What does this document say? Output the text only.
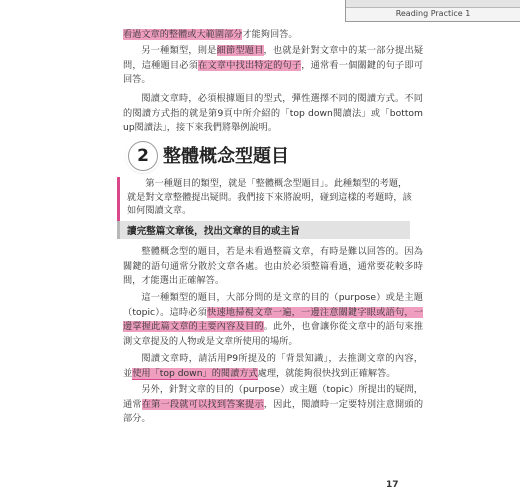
Reading Practice 1

看過文章的整體或大範圍部分才能夠回答。

另一種類型，則是細節型題目，也就是針對文章中的某一部分提出疑問，這種題目必須在文章中找出特定的句子，通常看一個關鍵的句子即可回答。

閱讀文章時，必須根據題目的型式，彈性選擇不同的閱讀方式。不同的閱讀方式指的就是第9頁中所介紹的「top down閱讀法」或「bottom up閱讀法」，接下來我們將舉例說明。

2 整體概念型題目

第一種題目的類型，就是「整體概念型題目」。此種類型的考題，就是對文章整體提出疑問。我們接下來將說明，碰到這樣的考題時，該如何閱讀文章。

讀完整篇文章後，找出文章的目的或主旨

整體概念型的題目，若是未看過整篇文章，有時是難以回答的。因為關鍵的語句通常分散於文章各處。也由於必須整篇看過，通常要花較多時間，才能選出正確解答。

這一種類型的題目，大部分問的是文章的目的（purpose）或是主題（topic）。這時必須快速地掃視文章一遍，一邊注意關鍵字眼或語句，一邊掌握此篇文章的主要內容及目的。此外，也會讓你從文章中的語句來推測文章提及的人物或是文章所使用的場所。

閱讀文章時，請活用P9所提及的「背景知識」，去推測文章的內容，並使用「top down」的閱讀方式處理，就能夠很快找到正確解答。

另外，針對文章的目的（purpose）或主題（topic）所提出的疑問，通常在第一段就可以找到答案提示，因此，閱讀時一定要特別注意開頭的部分。

17
